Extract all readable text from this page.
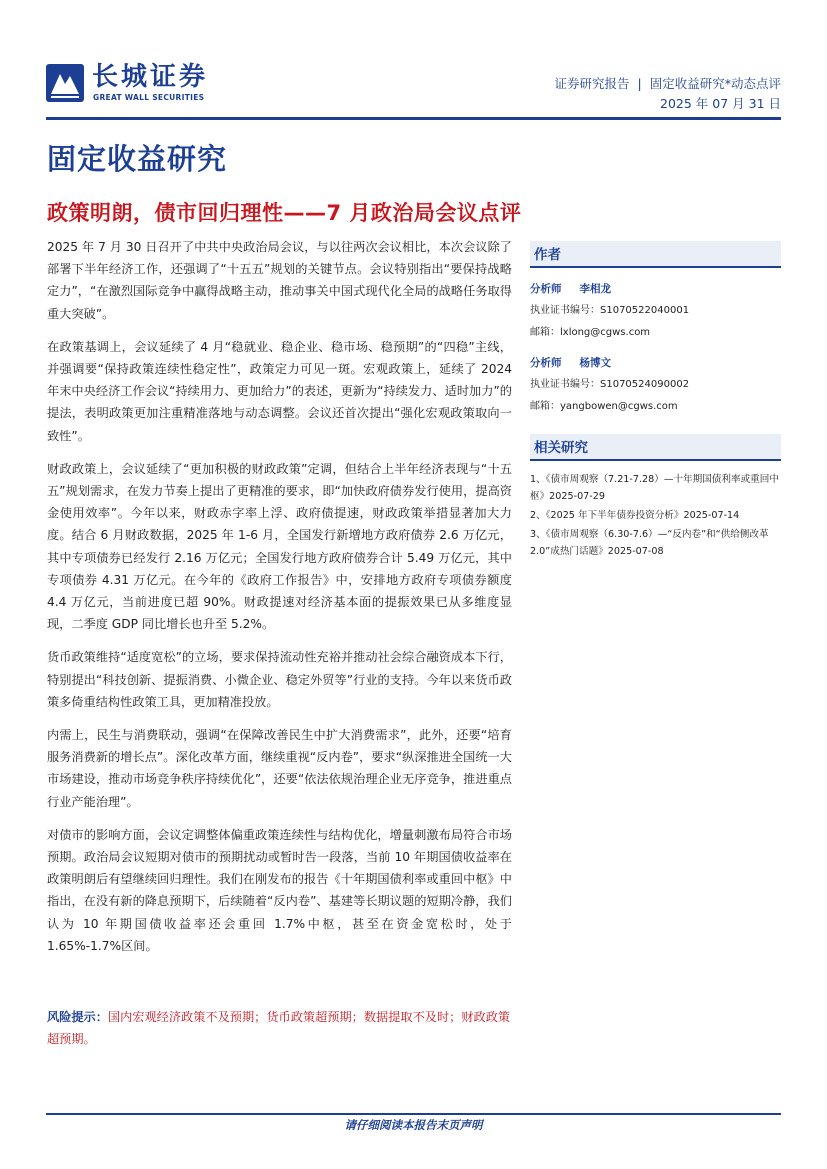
长城证券
GREAT WALL SECURITIES
证券研究报告 | 固定收益研究*动态点评
2025 年 07 月 31 日
固定收益研究
政策明朗，债市回归理性——7 月政治局会议点评

2025 年 7 月 30 日召开了中共中央政治局会议，与以往两次会议相比，本次会议除了部署下半年经济工作，还强调了“十五五”规划的关键节点。会议特别指出“要保持战略定力”，“在激烈国际竞争中赢得战略主动，推动事关中国式现代化全局的战略任务取得重大突破”。

在政策基调上，会议延续了 4 月“稳就业、稳企业、稳市场、稳预期”的“四稳”主线，并强调要“保持政策连续性稳定性”，政策定力可见一斑。宏观政策上，延续了 2024 年末中央经济工作会议“持续用力、更加给力”的表述，更新为“持续发力、适时加力”的提法，表明政策更加注重精准落地与动态调整。会议还首次提出“强化宏观政策取向一致性”。

财政政策上，会议延续了“更加积极的财政政策”定调，但结合上半年经济表现与“十五五”规划需求，在发力节奏上提出了更精准的要求，即“加快政府债券发行使用，提高资金使用效率”。今年以来，财政赤字率上浮、政府债提速，财政政策举措显著加大力度。结合 6 月财政数据，2025 年 1-6 月，全国发行新增地方政府债券 2.6 万亿元，其中专项债券已经发行 2.16 万亿元；全国发行地方政府债券合计 5.49 万亿元，其中专项债券 4.31 万亿元。在今年的《政府工作报告》中，安排地方政府专项债券额度 4.4 万亿元，当前进度已超 90%。财政提速对经济基本面的提振效果已从多维度显现，二季度 GDP 同比增长也升至 5.2%。

货币政策维持“适度宽松”的立场，要求保持流动性充裕并推动社会综合融资成本下行，特别提出“科技创新、提振消费、小微企业、稳定外贸等”行业的支持。今年以来货币政策多倚重结构性政策工具，更加精准投放。

内需上，民生与消费联动，强调“在保障改善民生中扩大消费需求”，此外，还要“培育服务消费新的增长点”。深化改革方面，继续重视“反内卷”，要求“纵深推进全国统一大市场建设，推动市场竞争秩序持续优化”，还要“依法依规治理企业无序竞争，推进重点行业产能治理”。

对债市的影响方面，会议定调整体偏重政策连续性与结构优化，增量刺激布局符合市场预期。政治局会议短期对债市的预期扰动或暂时告一段落，当前 10 年期国债收益率在政策明朗后有望继续回归理性。我们在刚发布的报告《十年期国债利率或重回中枢》中指出，在没有新的降息预期下，后续随着“反内卷”、基建等长期议题的短期冷静，我们认为 10 年期国债收益率还会重回 1.7%中枢，甚至在资金宽松时，处于 1.65%-1.7%区间。

风险提示：国内宏观经济政策不及预期；货币政策超预期；数据提取不及时；财政政策超预期。
作者
分析师 李相龙
执业证书编号：S1070522040001
邮箱：lxlong@cgws.com
分析师 杨博文
执业证书编号：S1070524090002
邮箱：yangbowen@cgws.com
相关研究
1、《债市周观察（7.21-7.28）—十年期国债利率或重回中枢》2025-07-29
2、《2025 年下半年债券投资分析》2025-07-14
3、《债市周观察（6.30-7.6）—“反内卷”和“供给侧改革 2.0”成热门话题》2025-07-08
请仔细阅读本报告末页声明
